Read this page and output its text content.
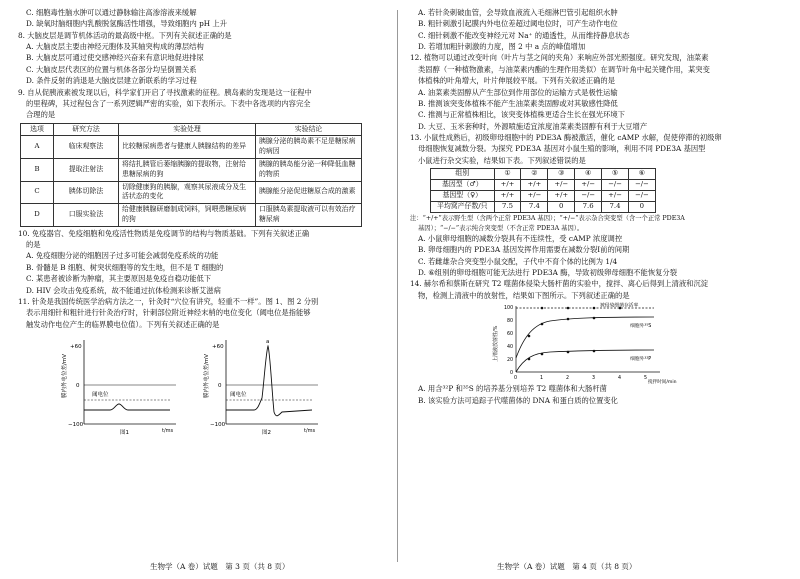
C. 细胞毒性脑水肿可以通过静脉输注高渗溶液来缓解

D. 缺氧时脑细胞内乳酸脱氢酶活性增强，导致细胞内 pH 上升

8. 大脑皮层是调节机体活动的最高级中枢。下列有关叙述正确的是

A. 大脑皮层主要由神经元胞体及其轴突构成的薄层结构

B. 大脑皮层可通过使交感神经兴奋来有意识地促进排尿

C. 大脑皮层代表区的位置与机体各部分均呈倒置关系

D. 条件反射的消退是大脑皮层建立新联系的学习过程

9. 自从促胰液素被发现以后，科学家们开启了寻找激素的征程。胰岛素的发现是这一征程中

的里程碑，其过程包含了一系列逻辑严密的实验，如下表所示。下表中各选项的内容完全

合理的是

选项	研究方法	实验处理	实验结论
A	临床观察法	比较糖尿病患者与健康人胰腺结构的差异	胰腺分泌的胰岛素不足是糖尿病的病因
B	提取注射法	将结扎胰管后萎缩胰腺的提取物，注射给患糖尿病的狗	胰腺的胰岛能分泌一种降低血糖的物质
C	胰体切除法	切除健康狗的胰腺，观察其尿液成分及生活状态的变化	胰腺能分泌促进糖原合成的激素
D	口服实验法	给健康胰腺研磨制成饲料，饲喂患糖尿病的狗	口服胰岛素提取液可以有效治疗糖尿病

10. 免疫器官、免疫细胞和免疫活性物质是免疫调节的结构与物质基础。下列有关叙述正确

的是

A. 免疫细胞分泌的细胞因子过多可能会减弱免疫系统的功能

B. 骨髓是 B 细胞、树突状细胞等的发生地，但不是 T 细胞的

C. 某患者被诊断为肿瘤，其主要原因是免疫自稳功能低下

D. HIV 会攻击免疫系统，故不能通过抗体检测来诊断艾滋病

11. 针灸是我国传统医学治病方法之一，针灸时“穴位有讲究，轻重不一样”。图 1、图 2 分别

表示用细针和粗针进行针灸治疗时，针刺部位附近神经末梢的电位变化（阈电位是指能够

触发动作电位产生的临界膜电位值）。下列有关叙述正确的是

膜内外电位差/mV
+60
0
−100
阈电位
t/ms
图1
膜内外电位差/mV
+60
0
−100
阈电位
a
t/ms
图2

A. 若针灸刺破血管，会导致血液流入毛细淋巴管引起组织水肿

B. 粗针刺激引起膜内外电位差超过阈电位时，可产生动作电位

C. 细针刺激不能改变神经元对 Na⁺ 的通透性，从而维持静息状态

D. 若增加粗针刺激的力度，图 2 中 a 点的峰值增加

12. 植物可以通过改变叶向（叶片与茎之间的夹角）来响应外部光照强度。研究发现，油菜素

类固醇（一种植物激素，与油菜素内酯的生理作用类似）在调节叶角中起关键作用，某突变

体植株的叶角增大，叶片伸展较平展。下列有关叙述正确的是

A. 油菜素类固醇从产生部位到作用部位的运输方式是极性运输

B. 推测该突变体植株不能产生油菜素类固醇或对其敏感性降低

C. 推测与正常植株相比，该突变体植株更适合生长在强光环境下

D. 大豆、玉米套种时，外源喷施适宜浓度油菜素类固醇有利于大豆增产

13. 小鼠性成熟后，初级卵母细胞中的 PDE3A 酶被激活，催化 cAMP 水解，促使停滞的初级卵

母细胞恢复减数分裂。为探究 PDE3A 基因对小鼠生殖的影响，利用不同 PDE3A 基因型

小鼠进行杂交实验，结果如下表。下列叙述错误的是

组别	①	②	③	④	⑤	⑥
基因型（♂）	+/+	+/+	+/−	+/−	−/−	−/−
基因型（♀）	+/+	+/−	+/+	−/−	+/−	−/−
平均窝产仔数/只	7.5	7.4	0	7.6	7.4	0

注：“+/+”表示野生型（含两个正常 PDE3A 基因）；“+/−”表示杂合突变型（含一个正常 PDE3A

基因）；“−/−”表示纯合突变型（不含正常 PDE3A 基因）。

A. 小鼠卵母细胞的减数分裂具有不连续性，受 cAMP 浓度调控

B. 卵母细胞内的 PDE3A 基因发挥作用需要在减数分裂Ⅰ前的间期

C. 若雌雄杂合突变型小鼠交配，子代中不育个体的比例为 1/4

D. ⑥组别的卵母细胞可能无法进行 PDE3A 酶，导致初级卵母细胞不能恢复分裂

14. 赫尔希和蔡斯在研究 T2 噬菌体侵染大肠杆菌的实验中，搅拌、离心后得到上清液和沉淀

物，检测上清液中的放射性，结果如下图所示。下列叙述正确的是

上清液放射性/%
0
20
40
60
80
100
0	1	2	3	4	5
被侵染细菌存活率
细胞外³⁵S
细胞外³²P
搅拌时间/min

A. 用含³²P 和³⁵S 的培养基分别培养 T2 噬菌体和大肠杆菌

B. 该实验方法可追踪子代噬菌体的 DNA 和蛋白质的位置变化

生物学（A 卷）试题　第 3 页（共 8 页）	生物学（A 卷）试题　第 4 页（共 8 页）
